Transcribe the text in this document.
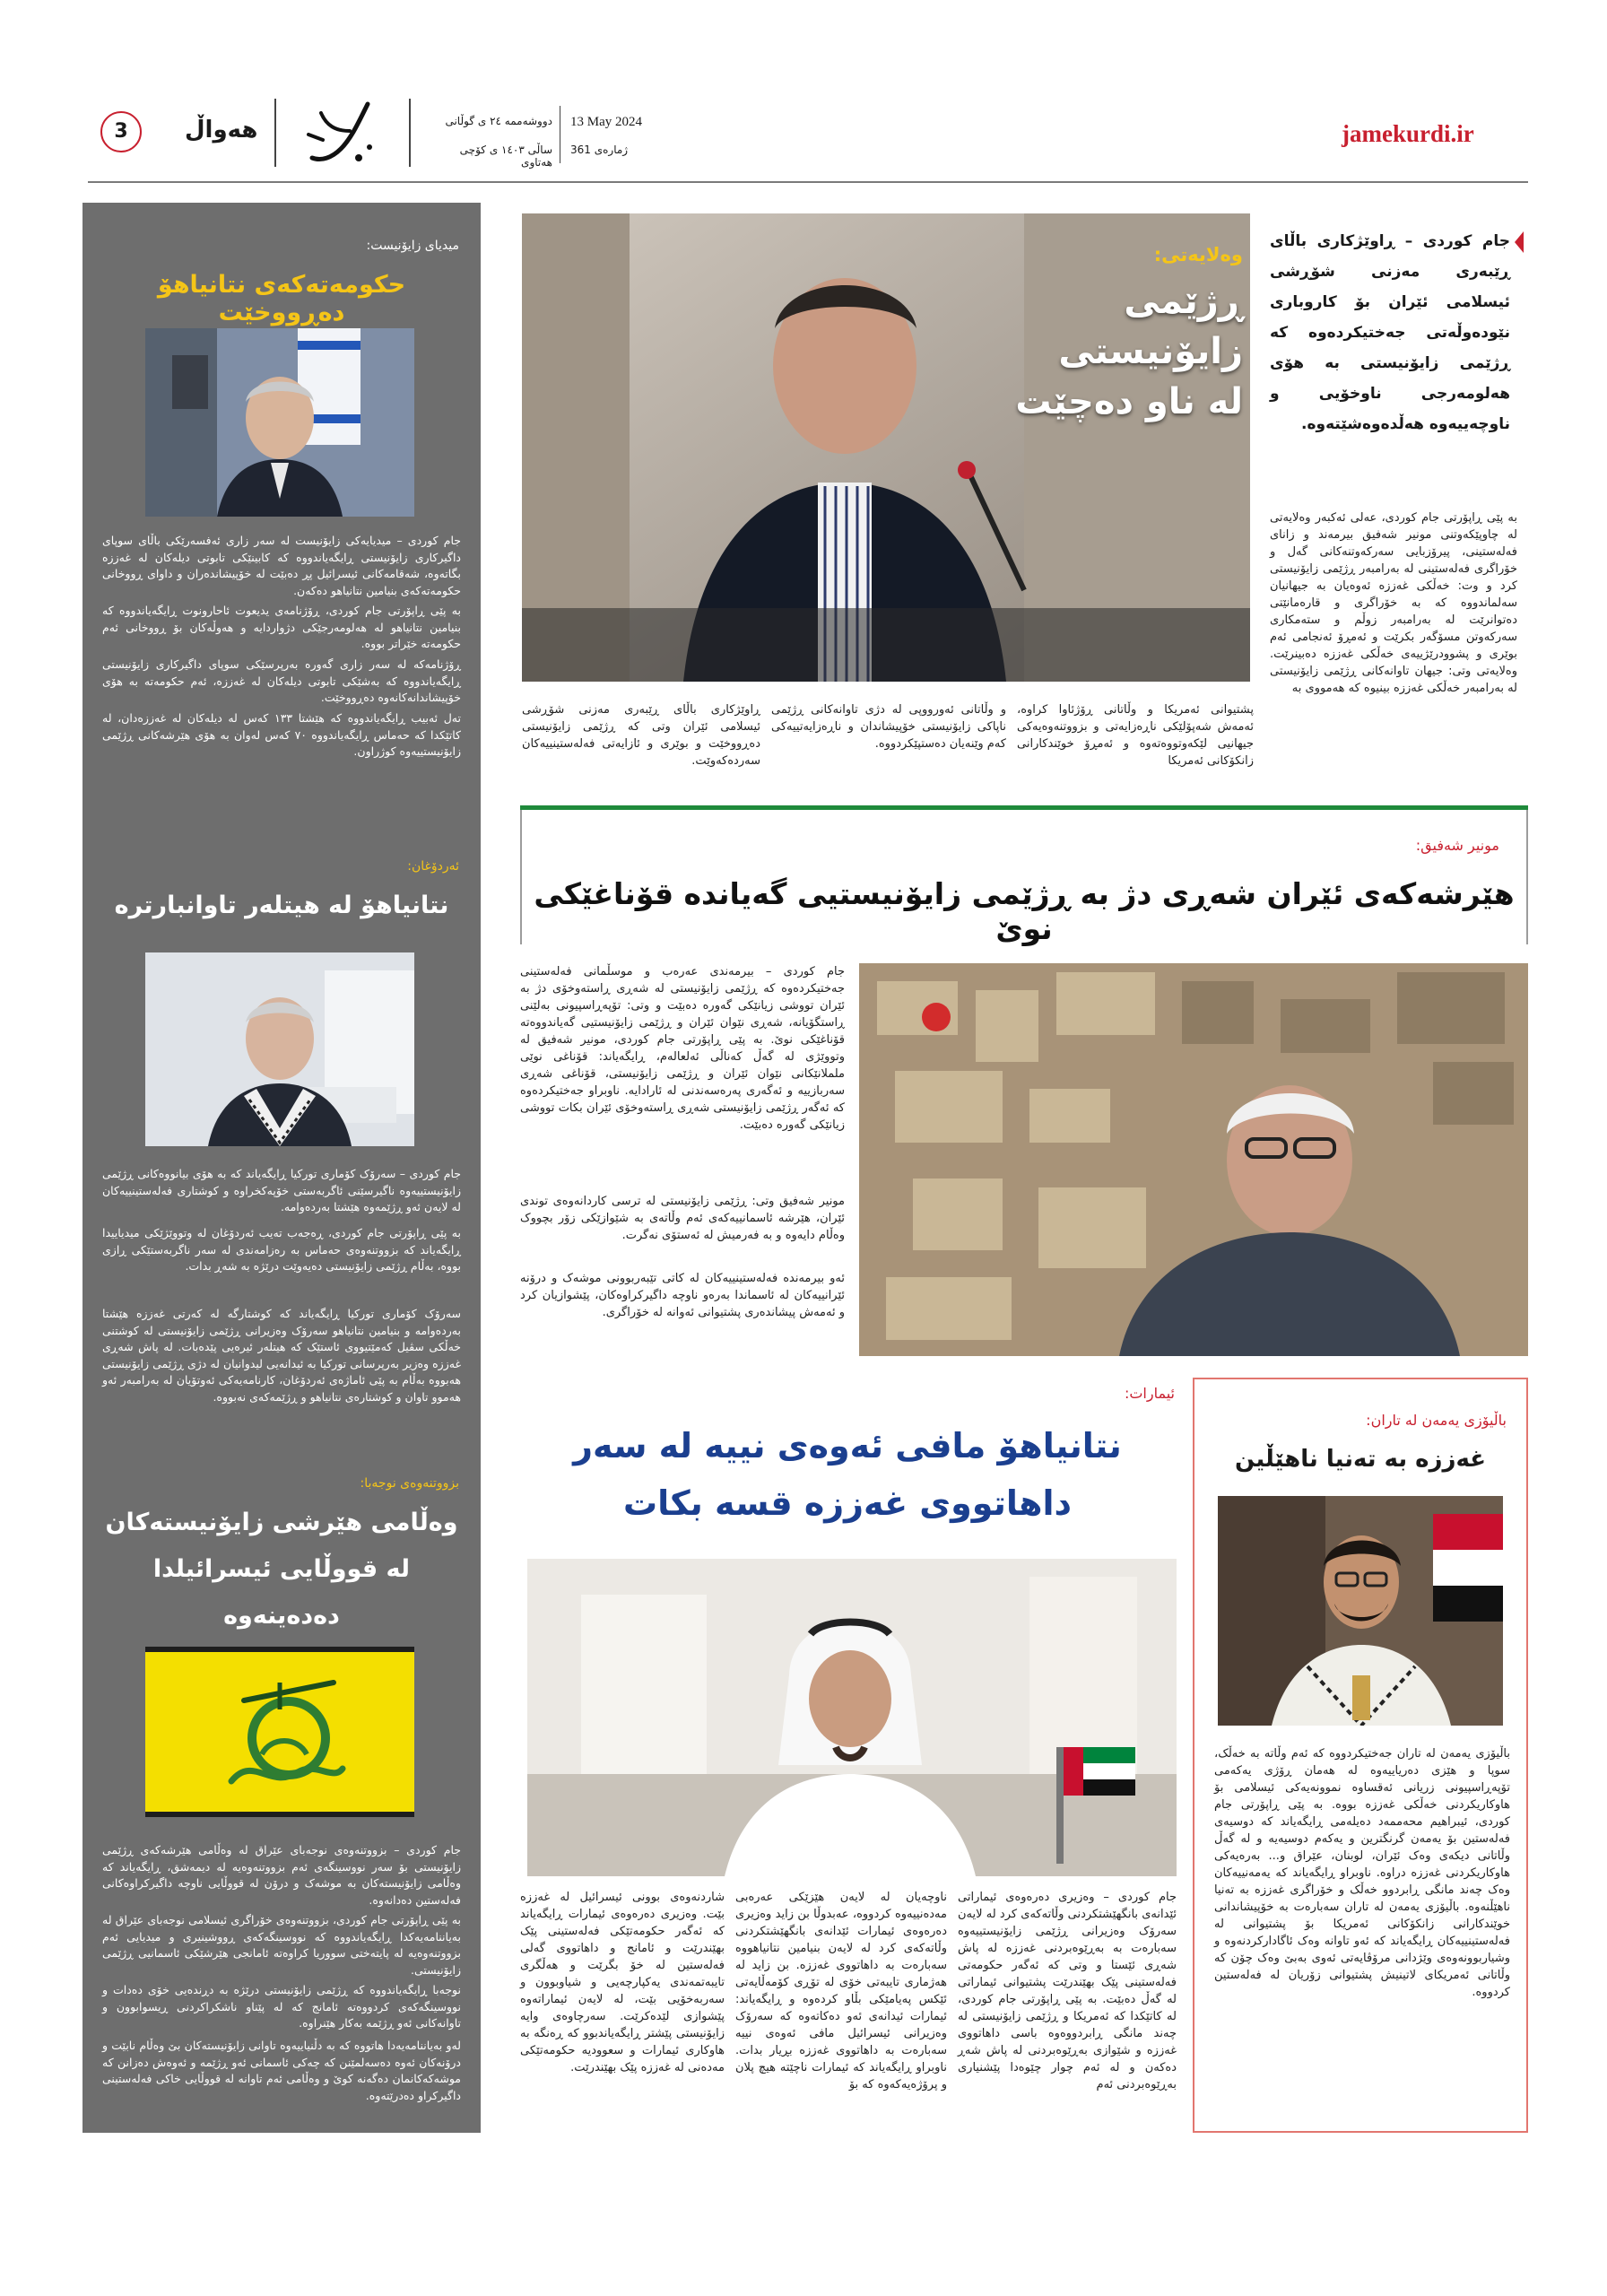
jamekurdi.ir
3	هەواڵ	دووشەممە ٢٤ ی گوڵانی
ساڵی ١٤٠٣ ی کۆچی هەتاوی
13 May 2024
ژمارەی 361
میدیای زایۆنیست:
حکومەتەکەی نتانیاهۆ دەڕووخێت
جام کوردی – میدیایەکی زایۆنیست لە سەر زاری ئەفسەرێکی باڵای سوپای داگیرکاری زایۆنیستی ڕایگەیاندووە کە کابینێکی تابوتی دیلەکان لە غەززە بگاتەوە، شەقامەکانی ئیسرائیل پڕ دەبێت لە خۆپیشاندەران و داوای ڕووخانی حکومەتەکەی بنیامین نتانیاهو دەکەن.
بە پێی ڕاپۆرتی جام کوردی، ڕۆژنامەی یدیعوت ئاحارونوت ڕایگەیاندووە کە بنیامین نتانیاهو لە هەلومەرجێکی دژواردایە و هەوڵەکان بۆ ڕووخانی ئەم حکومەتە خێراتر بووە.
ڕۆژنامەکە لە سەر زاری گەورە بەرپرسێکی سوپای داگیرکاری زایۆنیستی ڕایگەیاندووە کە بەشێکی تابوتی دیلەکان لە غەززە، ئەم حکومەتە بە هۆی خۆپیشاندانەکانەوە دەڕووخێت.
تەل ئەبیب ڕایگەیاندووە کە هێشتا ١٣٣ کەس لە دیلەکان لە غەززەدان، لە کاتێکدا کە حەماس ڕایگەیاندووە ٧٠ کەس لەوان بە هۆی هێرشەکانی ڕژێمی زایۆنیستییەوە کوژراون.
ئەردۆغان:
نتانیاهۆ لە هیتلەر تاوانبارترە
جام کوردی – سەرۆک کۆماری تورکیا ڕایگەیاند کە بە هۆی بیانووەکانی ڕژێمی زایۆنیستییەوە ناگیرسێنی ئاگربەستی خۆپەکخراوە و کوشتاری فەلەستینییەکان لە لایەن ئەو ڕژێمەوە هێشتا بەردەوامە.
بە پێی ڕاپۆرتی جام کوردی، ڕەجەب تەیب ئەردۆغان لە وتووێژێکی میدیاییدا ڕایگەیاند کە بزووتنەوەی حەماس بە رەزامەندی لە سەر ناگربەستێکی ڕازی بووە، بەڵام ڕژێمی زایۆنیستی دەیەوێت درێژە بە شەڕ بدات.
سەرۆک کۆماری تورکیا ڕایگەیاند کە کوشتارگە لە کەرتی غەززە هێشتا بەردەوامە و بنیامین نتانیاهو سەرۆک وەزیرانی ڕژێمی زایۆنیستی لە کوشتنی خەڵکی سڤیل کەمێتیووی ئاستێک کە هیتلەر ئیرەیی پێدەبات. لە پاش شەڕی غەززە وەزیر بەرپرسانی تورکیا بە ئیدانەیی لیدوانیان لە دژی ڕژێمی زایۆنیستی هەبووە بەڵام بە پێی ئاماژەی ئەردۆغان، کارنامەیەکی ئەوتۆیان لە بەرامبەر ئەو هەموو تاوان و کوشتارەی نتانیاهو و ڕژێمەکەی نەبووە.
بزووتنەوەی نوجەبا:
وەڵامی هێرشی زایۆنیستەکان لە قووڵایی ئیسرائیلدا دەدەینەوە
جام کوردی – بزووتنەوەی نوجەبای عێراق لە وەڵامی هێرشەکەی ڕژێمی زایۆنیستی بۆ سەر نووسینگەی ئەم بزووتنەوەیە لە دیمەشق، ڕایگەیاند کە وەڵامی زایۆنیستەکان بە موشەک و درۆن لە قووڵایی ناوچە داگیرکراوەکانی فەلەستین دەدانەوە.
بە پێی ڕاپۆرتی جام کوردی، بزووتنەوەی خۆراگری ئیسلامی نوجەبای عێراق لە بەیاننامەیەکدا ڕایگەیاندووە کە نووسینگەکەی ڕووشینیری و میدیایی ئەم بزووتنەوەیە لە پایتەختی سووریا کراوەتە ئامانجی هێرشێکی ئاسمانیی ڕژێمی زایۆنیستی.
نوجەبا ڕایگەیاندووە کە ڕژێمی زایۆنیستی درێژە بە دڕندەیی خۆی دەدات و نووسینگەکەی کردووەتە ئامانج کە لە پێناو ناشکراکردنی ڕیسوابوون و تاوانەکانی ئەو ڕژێمە بەکار هێنراوە.
لەو بەیاننامەیەدا هاتووە کە بە دڵنیاییەوە تاوانی زایۆنیستەکان بێ وەڵام نابێت و درۆنەکان ئەوە دەسەلمێنن کە چەکی ئاسمانی ئەو ڕژێمە و ئەوەش دەزانن کە موشەکەکانمان دەگەنە کوێ و وەڵامی ئەم تاوانە لە قووڵایی خاکی فەلەستینی داگیرکراو دەدرێتەوە.
جام کوردی – ڕاوێژکاری باڵای ڕێبەری مەزنی شۆڕشی ئیسلامی ئێران بۆ کاروباری نێودەوڵەتی جەختیکردەوە کە ڕژێمی زایۆنیستی بە هۆی هەلومەرجی ناوخۆیی و ناوچەییەوە هەڵدەوەشێتەوە.
وەلایەتی:
ڕژێمی
زایۆنیستی
لە ناو دەچێت
بە پێی ڕاپۆرتی جام کوردی، عەلی ئەکبەر وەلایەتی لە چاوپێکەوتنی مونیر شەفیق بیرمەند و زانای فەلەستینی، پیرۆزبایی سەرکەوتنەکانی گەل و خۆراگری فەلەستینی لە بەرامبەر ڕژێمی زایۆنیستی کرد و وت: خەڵکی غەززە ئەوەیان بە جیهانیان سەلماندووە کە بە خۆراگری و قارەمانێتی دەتوانرێت لە بەرامبەر زوڵم و ستەمکاری سەرکەوتن مسۆگەر بکرێت و ئەمڕۆ ئەنجامی ئەم بوێری و پشوودرێژییەی خەڵکی غەززە دەبینرێت. وەلایەتی وتی: جیهان تاوانەکانی ڕژێمی زایۆنیستی لە بەرامبەر خەڵکی غەززە بینیوە کە هەمووی بە
پشتیوانی ئەمریکا و وڵاتانی ڕۆژئاوا کراوە، ئەمەش شەپۆلێکی ناڕەزایەتی و بزووتنەوەیەکی جیهانیی لێکەوتووەتەوە و ئەمڕۆ خوێندکارانی زانکۆکانی ئەمریکا
و وڵاتانی ئەورووپی لە دژی تاوانەکانی ڕژێمی ناپاکی زایۆنیستی خۆپیشاندان و ناڕەزایەتییەکی کەم وێنەیان دەستپێکردووە.
ڕاوێژکاری باڵای ڕێبەری مەزنی شۆڕشی ئیسلامی ئێران وتی کە ڕژێمی زایۆنیستی دەڕووخێت و بوێری و ئازایەتی فەلەستینییەکان سەردەکەوێت.
مونیر شەفیق:
هێرشەکەی ئێران شەڕی دژ بە ڕژێمی زایۆنیستیی گەیاندە قۆناغێکی نوێ
جام کوردی – بیرمەندی عەرەب و موسڵمانی فەلەستینی جەختیکردەوە کە ڕژێمی زایۆنیستی لە شەڕی ڕاستەوخۆی دژ بە ئێران تووشی زیانێکی گەورە دەبێت و وتی: تۆپەڕاسپیونی بەلێنی ڕاستگۆیانە، شەڕی نێوان ئێران و ڕژێمی زایۆنیستیی گەیاندووەتە قۆناغێکی نوێ. بە پێی ڕاپۆرتی جام کوردی، مونیر شەفیق لە وتووێژی لە گەڵ کەناڵی ئەلعالەم، ڕایگەیاند: قۆناغی نوێی ململانێکانی نێوان ئێران و ڕژێمی زایۆنیستی، قۆناغی شەڕی سەربازییە و ئەگەری پەرەسەندنی لە ئارادایە. ناوبراو جەختیکردەوە کە ئەگەر ڕژێمی زایۆنیستی شەڕی ڕاستەوخۆی ئێران بکات تووشی زیانێکی گەورە دەبێت.
مونیر شەفیق وتی: ڕژێمی زایۆنیستی لە ترسی کاردانەوەی توندی ئێران، هێرشە ئاسمانییەکەی ئەم وڵاتەی بە شێوازێکی زۆر بچووک وەڵام دایەوە و بە فەرمیش لە ئەستۆی نەگرت.
ئەو بیرمەندە فەلەستینییەکان لە کاتی تێبەربوونی موشەک و درۆنە ئێرانییەکان لە ئاسماندا بەرەو ناوچە داگیرکراوەکان، پێشوازیان کرد و ئەمەش پیشاندەری پشتیوانی ئەوانە لە خۆراگری.
ئیمارات:
نتانیاهۆ مافی ئەوەی نییە لە سەر داهاتووی غەززە قسە بکات
جام کوردی – وەزیری دەرەوەی ئیماراتی ئێدانەی بانگهێشتکردنی وڵاتەکەی کرد لە لایەن سەرۆک وەزیرانی ڕژێمی زایۆنیستییەوە سەبارەت بە بەڕێوەبردنی غەززە لە پاش شەڕی ئێستا و وتی کە ئەگەر حکومەتی فەلەستینی پێک بهێندرێت پشتیوانی ئیماراتی لە گەڵ دەبێت. بە پێی ڕاپۆرتی جام کوردی، لە کاتێکدا کە ئەمریکا و ڕژێمی زایۆنیستی لە چەند مانگی ڕابردووەوە باسی داهاتووی غەززە و شێوازی بەڕێوەبردنی لە پاش شەڕ دەکەن و لە ئەم چوار چێوەدا پێشنیاری بەڕێوەبردنی ئەم
ناوچەیان لە لایەن هێزێکی عەرەبی مەدەنییەوە کردووە، عەبدوڵا بن زاید وەزیری دەرەوەی ئیمارات ئێدانەی بانگهێشتکردنی وڵاتەکەی کرد لە لایەن بنیامین نتانیاهووە سەبارەت بە داهاتووی غەززە. بن زاید لە هەژماری تایبەتی خۆی لە تۆڕی کۆمەڵایەتی ئێکس پەیامێکی بڵاو کردەوە و ڕایگەیاند: ئیمارات ئیدانەی ئەو دەکاتەوە کە سەرۆک وەزیرانی ئیسرائیل مافی ئەوەی نییە سەبارەت بە داهاتووی غەززە بڕیار بدات. ناوبراو ڕایگەیاند کە ئیمارات ناچێتە هیچ پلان و پرۆژەیەکەوە کە بۆ
شاردنەوەی بوونی ئیسرائیل لە غەززە بێت. وەزیری دەرەوەی ئیمارات ڕایگەیاند کە ئەگەر حکومەتێکی فەلەستینی پێک بهێندرێت و ئامانج و داهاتووی گەلی فەلەستین لە خۆ بگرێت و هەڵگری تایبەتمەندی یەکپارچەیی و شیاوبوون و سەربەخۆیی بێت، لە لایەن ئیماراتەوە پێشوازی لێدەکرێت. سەرچاوەی وایە زایۆنیستی پێشتر ڕایگەیاندبوو کە ڕەنگە بە هاوکاری ئیمارات و سعوودیە حکومەتێکی مەدەنی لە غەززە پێک بهێندرێت.
باڵیۆزی یەمەن لە تاران:
غەززە بە تەنیا ناهێڵین
باڵیۆزی یەمەن لە تاران جەختیکردووە کە ئەم وڵاتە بە خەڵک، سوپا و هێزی دەریاییەوە لە هەمان ڕۆژی یەکەمی تۆپەڕاسپیونی زریانی ئەقساوە نموونەیەکی ئیسلامی بۆ هاوکاریکردنی خەڵکی غەززە بووە. بە پێی ڕاپۆرتی جام کوردی، ئیبراهیم محەممەد دەیلەمی ڕایگەیاند کە دوسیەی فەلەستین بۆ یەمەن گرنگترین و یەکەم دوسیەیە و لە گەڵ وڵاتانی دیکەی وەک ئێران، لوبنان، عێراق و... بەرەیەکی هاوکاریکردنی غەززە دراوە. ناوبراو ڕایگەیاند کە یەمەنییەکان وەک چەند مانگی ڕابردوو خەڵک و خۆراگری غەززە بە تەنیا ناهێڵنەوە. باڵیۆزی یەمەن لە تاران سەبارەت بە خۆپیشاندانی خوێندکارانی زانکۆکانی ئەمریکا بۆ پشتیوانی لە فەلەستینییەکان ڕایگەیاند کە ئەو تاوانە وەک ئاگادارکردنەوە و وشیاربوونەوەی وێژدانی مرۆڤایەتی ئەوی بەبێ وەک چۆن کە وڵاتانی ئەمریکای لاتینیش پشتیوانی زۆریان لە فەلەستین کردووە.
